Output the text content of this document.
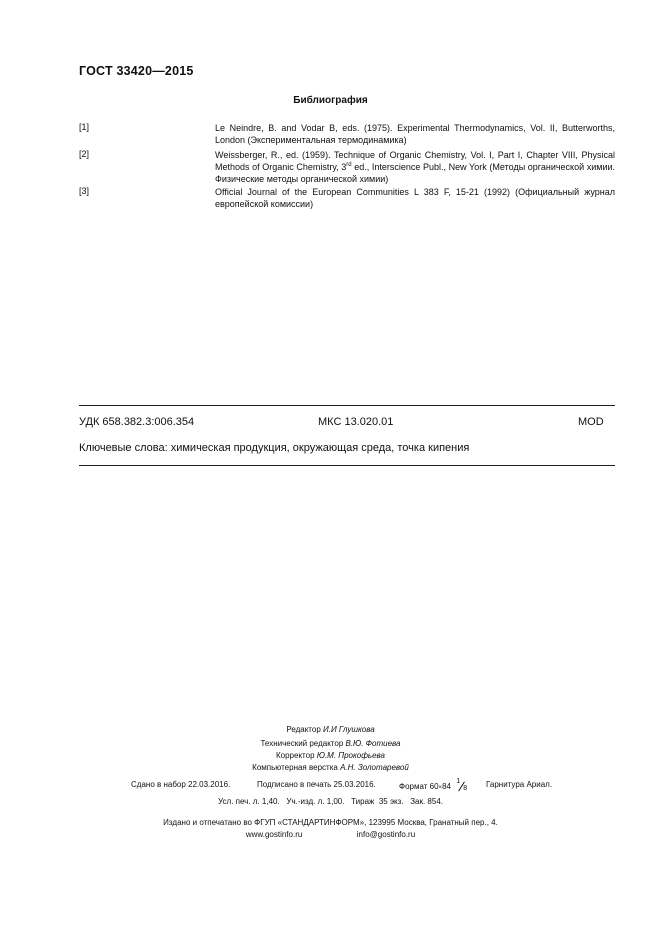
ГОСТ 33420—2015
Библиография
[1]	Le Neindre, B. and Vodar B, eds. (1975). Experimental Thermodynamics, Vol. II, Butterworths, London (Экспериментальная термодинамика)
[2]	Weissberger, R., ed. (1959). Technique of Organic Chemistry, Vol. I, Part I, Chapter VIII, Physical Methods of Organic Chemistry, 3rd ed., Interscience Publ., New York (Методы органической химии. Физические методы органической химии)
[3]	Official Journal of the European Communities L 383 F, 15-21 (1992) (Официальный журнал европейской комиссии)
УДК 658.382.3:006.354	МКС 13.020.01	MOD
Ключевые слова: химическая продукция, окружающая среда, точка кипения
Редактор И.И Глушкова
Технический редактор В.Ю. Фотиева
Корректор Ю.М. Прокофьева
Компьютерная верстка А.Н. Золотаревой
Сдано в набор 22.03.2016.	Подписано в печать 25.03.2016.	Формат 60×84
1
8 Гарнитура Ариал.
Усл. печ. л. 1,40.   Уч.-изд. л. 1,00.   Тираж  35 экз.   Зак. 854.
Издано и отпечатано во ФГУП «СТАНДАРТИНФОРМ», 123995 Москва, Гранатный пер., 4.
www.gostinfo.ru	info@gostinfo.ru
